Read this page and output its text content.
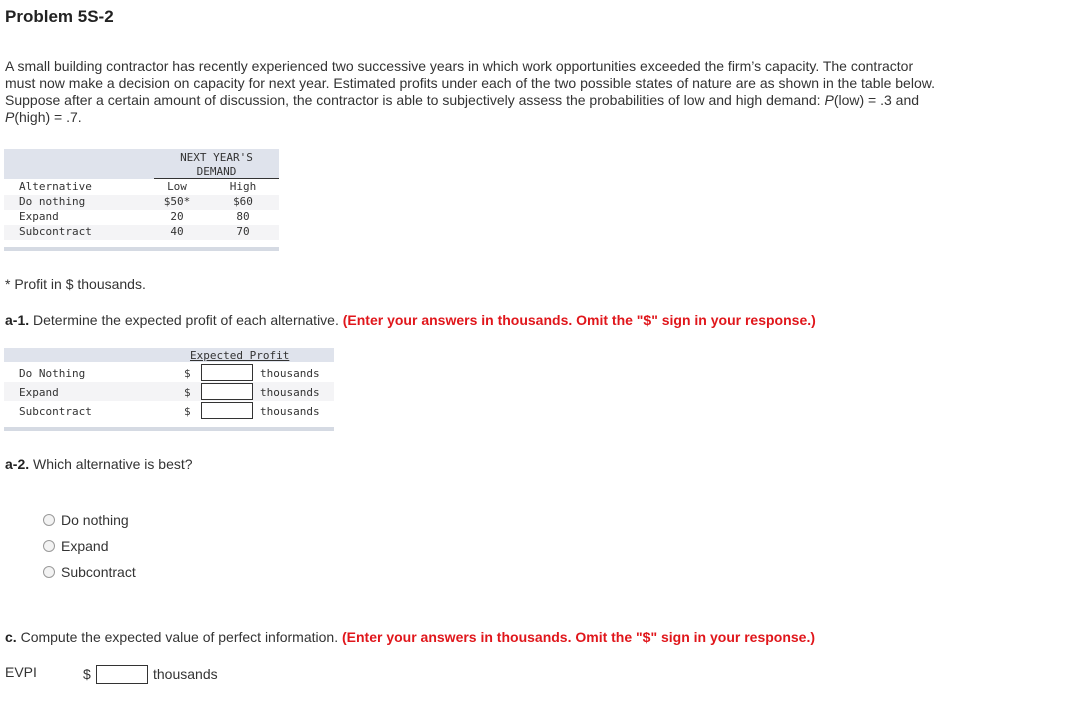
Problem 5S-2
A small building contractor has recently experienced two successive years in which work opportunities exceeded the firm’s capacity. The contractor must now make a decision on capacity for next year. Estimated profits under each of the two possible states of nature are as shown in the table below. Suppose after a certain amount of discussion, the contractor is able to subjectively assess the probabilities of low and high demand: P(low) = .3 and P(high) = .7.
NEXT YEAR'S
DEMAND
Alternative	Low	High
Do nothing	$50*	$60
Expand	20	80
Subcontract	40	70
* Profit in $ thousands.
a-1. Determine the expected profit of each alternative. (Enter your answers in thousands. Omit the "$" sign in your response.)
Expected Profit
Do Nothing	$	thousands
Expand	$	thousands
Subcontract	$	thousands
a-2. Which alternative is best?
Do nothing
Expand
Subcontract
c. Compute the expected value of perfect information. (Enter your answers in thousands. Omit the "$" sign in your response.)
EVPI	$	thousands
